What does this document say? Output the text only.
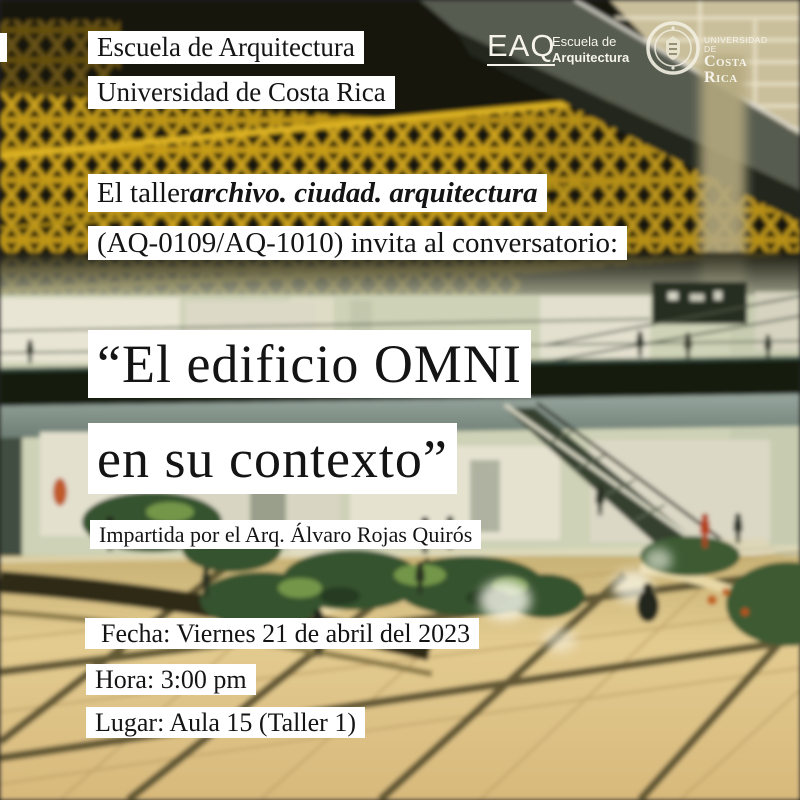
Escuela de Arquitectura
Universidad de Costa Rica
EAQ
Escuela de
Arquitectura
UNIVERSIDAD DE
Costa Rica
El taller archivo. ciudad. arquitectura
(AQ-0109/AQ-1010) invita al conversatorio:
“El edificio OMNI
en su contexto”
Impartida por el Arq. Álvaro Rojas Quirós
Fecha: Viernes 21 de abril del 2023
Hora: 3:00 pm
Lugar: Aula 15 (Taller 1)
